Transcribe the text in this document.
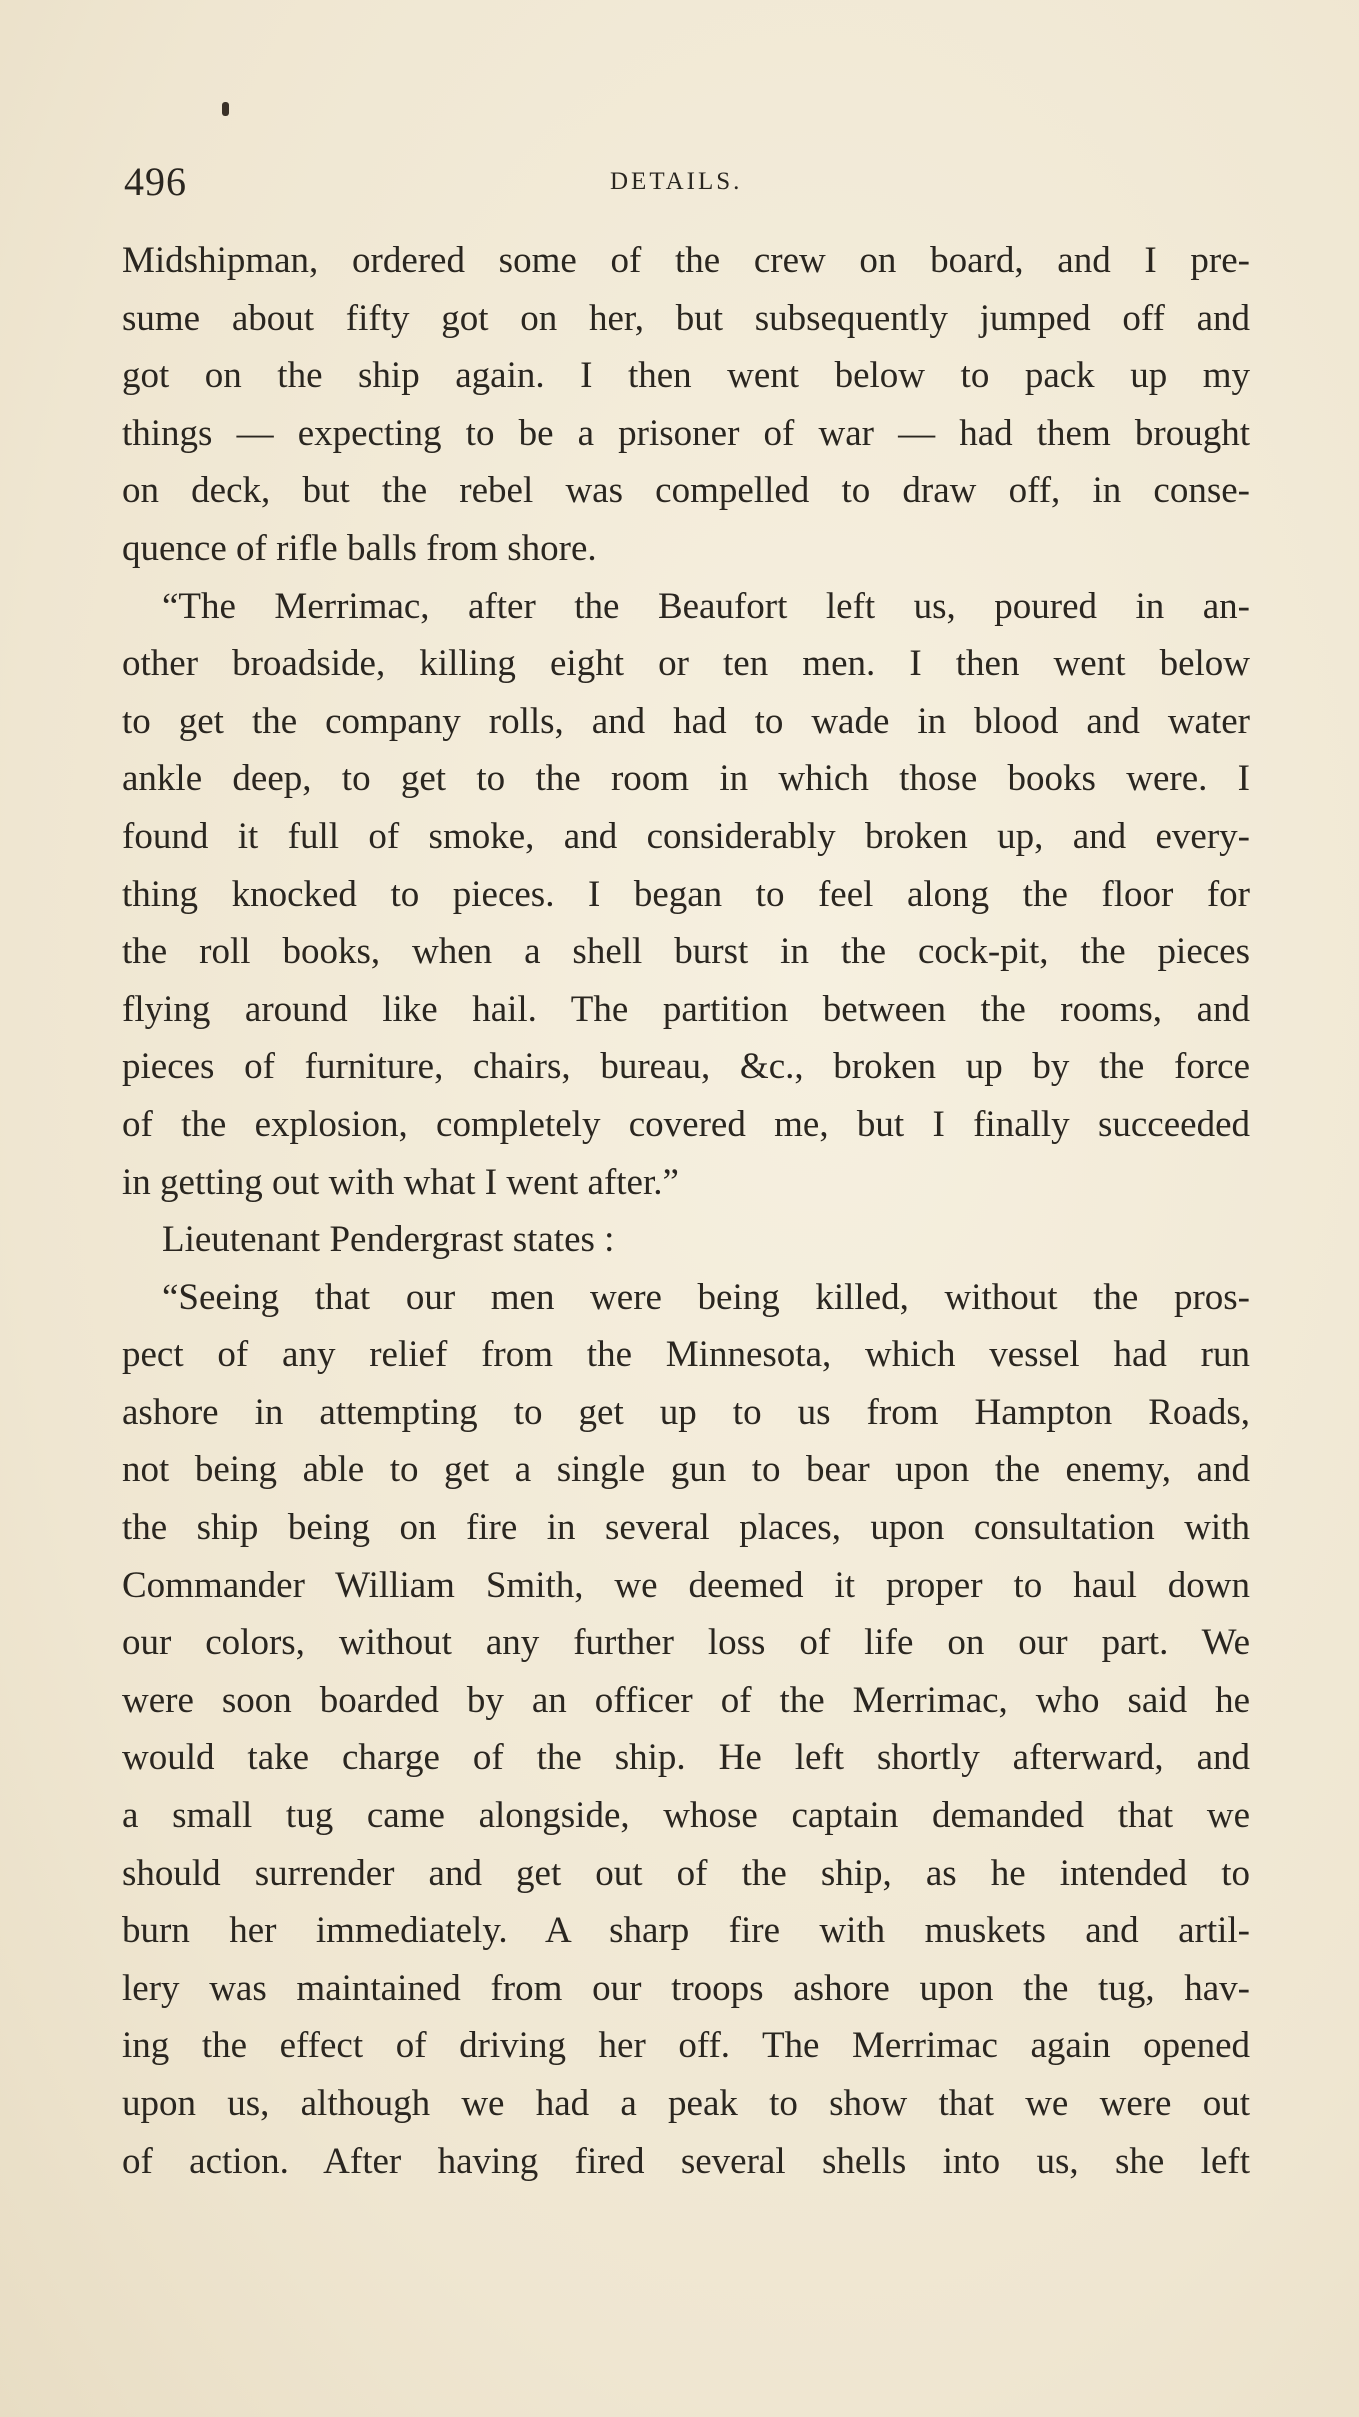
496	DETAILS.
Midshipman, ordered some of the crew on board, and I pre-
sume about fifty got on her, but subsequently jumped off and
got on the ship again. I then went below to pack up my
things — expecting to be a prisoner of war — had them brought
on deck, but the rebel was compelled to draw off, in conse-
quence of rifle balls from shore.
“The Merrimac, after the Beaufort left us, poured in an-
other broadside, killing eight or ten men. I then went below
to get the company rolls, and had to wade in blood and water
ankle deep, to get to the room in which those books were. I
found it full of smoke, and considerably broken up, and every-
thing knocked to pieces. I began to feel along the floor for
the roll books, when a shell burst in the cock-pit, the pieces
flying around like hail. The partition between the rooms, and
pieces of furniture, chairs, bureau, &c., broken up by the force
of the explosion, completely covered me, but I finally succeeded
in getting out with what I went after.”
Lieutenant Pendergrast states :
“Seeing that our men were being killed, without the pros-
pect of any relief from the Minnesota, which vessel had run
ashore in attempting to get up to us from Hampton Roads,
not being able to get a single gun to bear upon the enemy, and
the ship being on fire in several places, upon consultation with
Commander William Smith, we deemed it proper to haul down
our colors, without any further loss of life on our part. We
were soon boarded by an officer of the Merrimac, who said he
would take charge of the ship. He left shortly afterward, and
a small tug came alongside, whose captain demanded that we
should surrender and get out of the ship, as he intended to
burn her immediately. A sharp fire with muskets and artil-
lery was maintained from our troops ashore upon the tug, hav-
ing the effect of driving her off. The Merrimac again opened
upon us, although we had a peak to show that we were out
of action. After having fired several shells into us, she left
